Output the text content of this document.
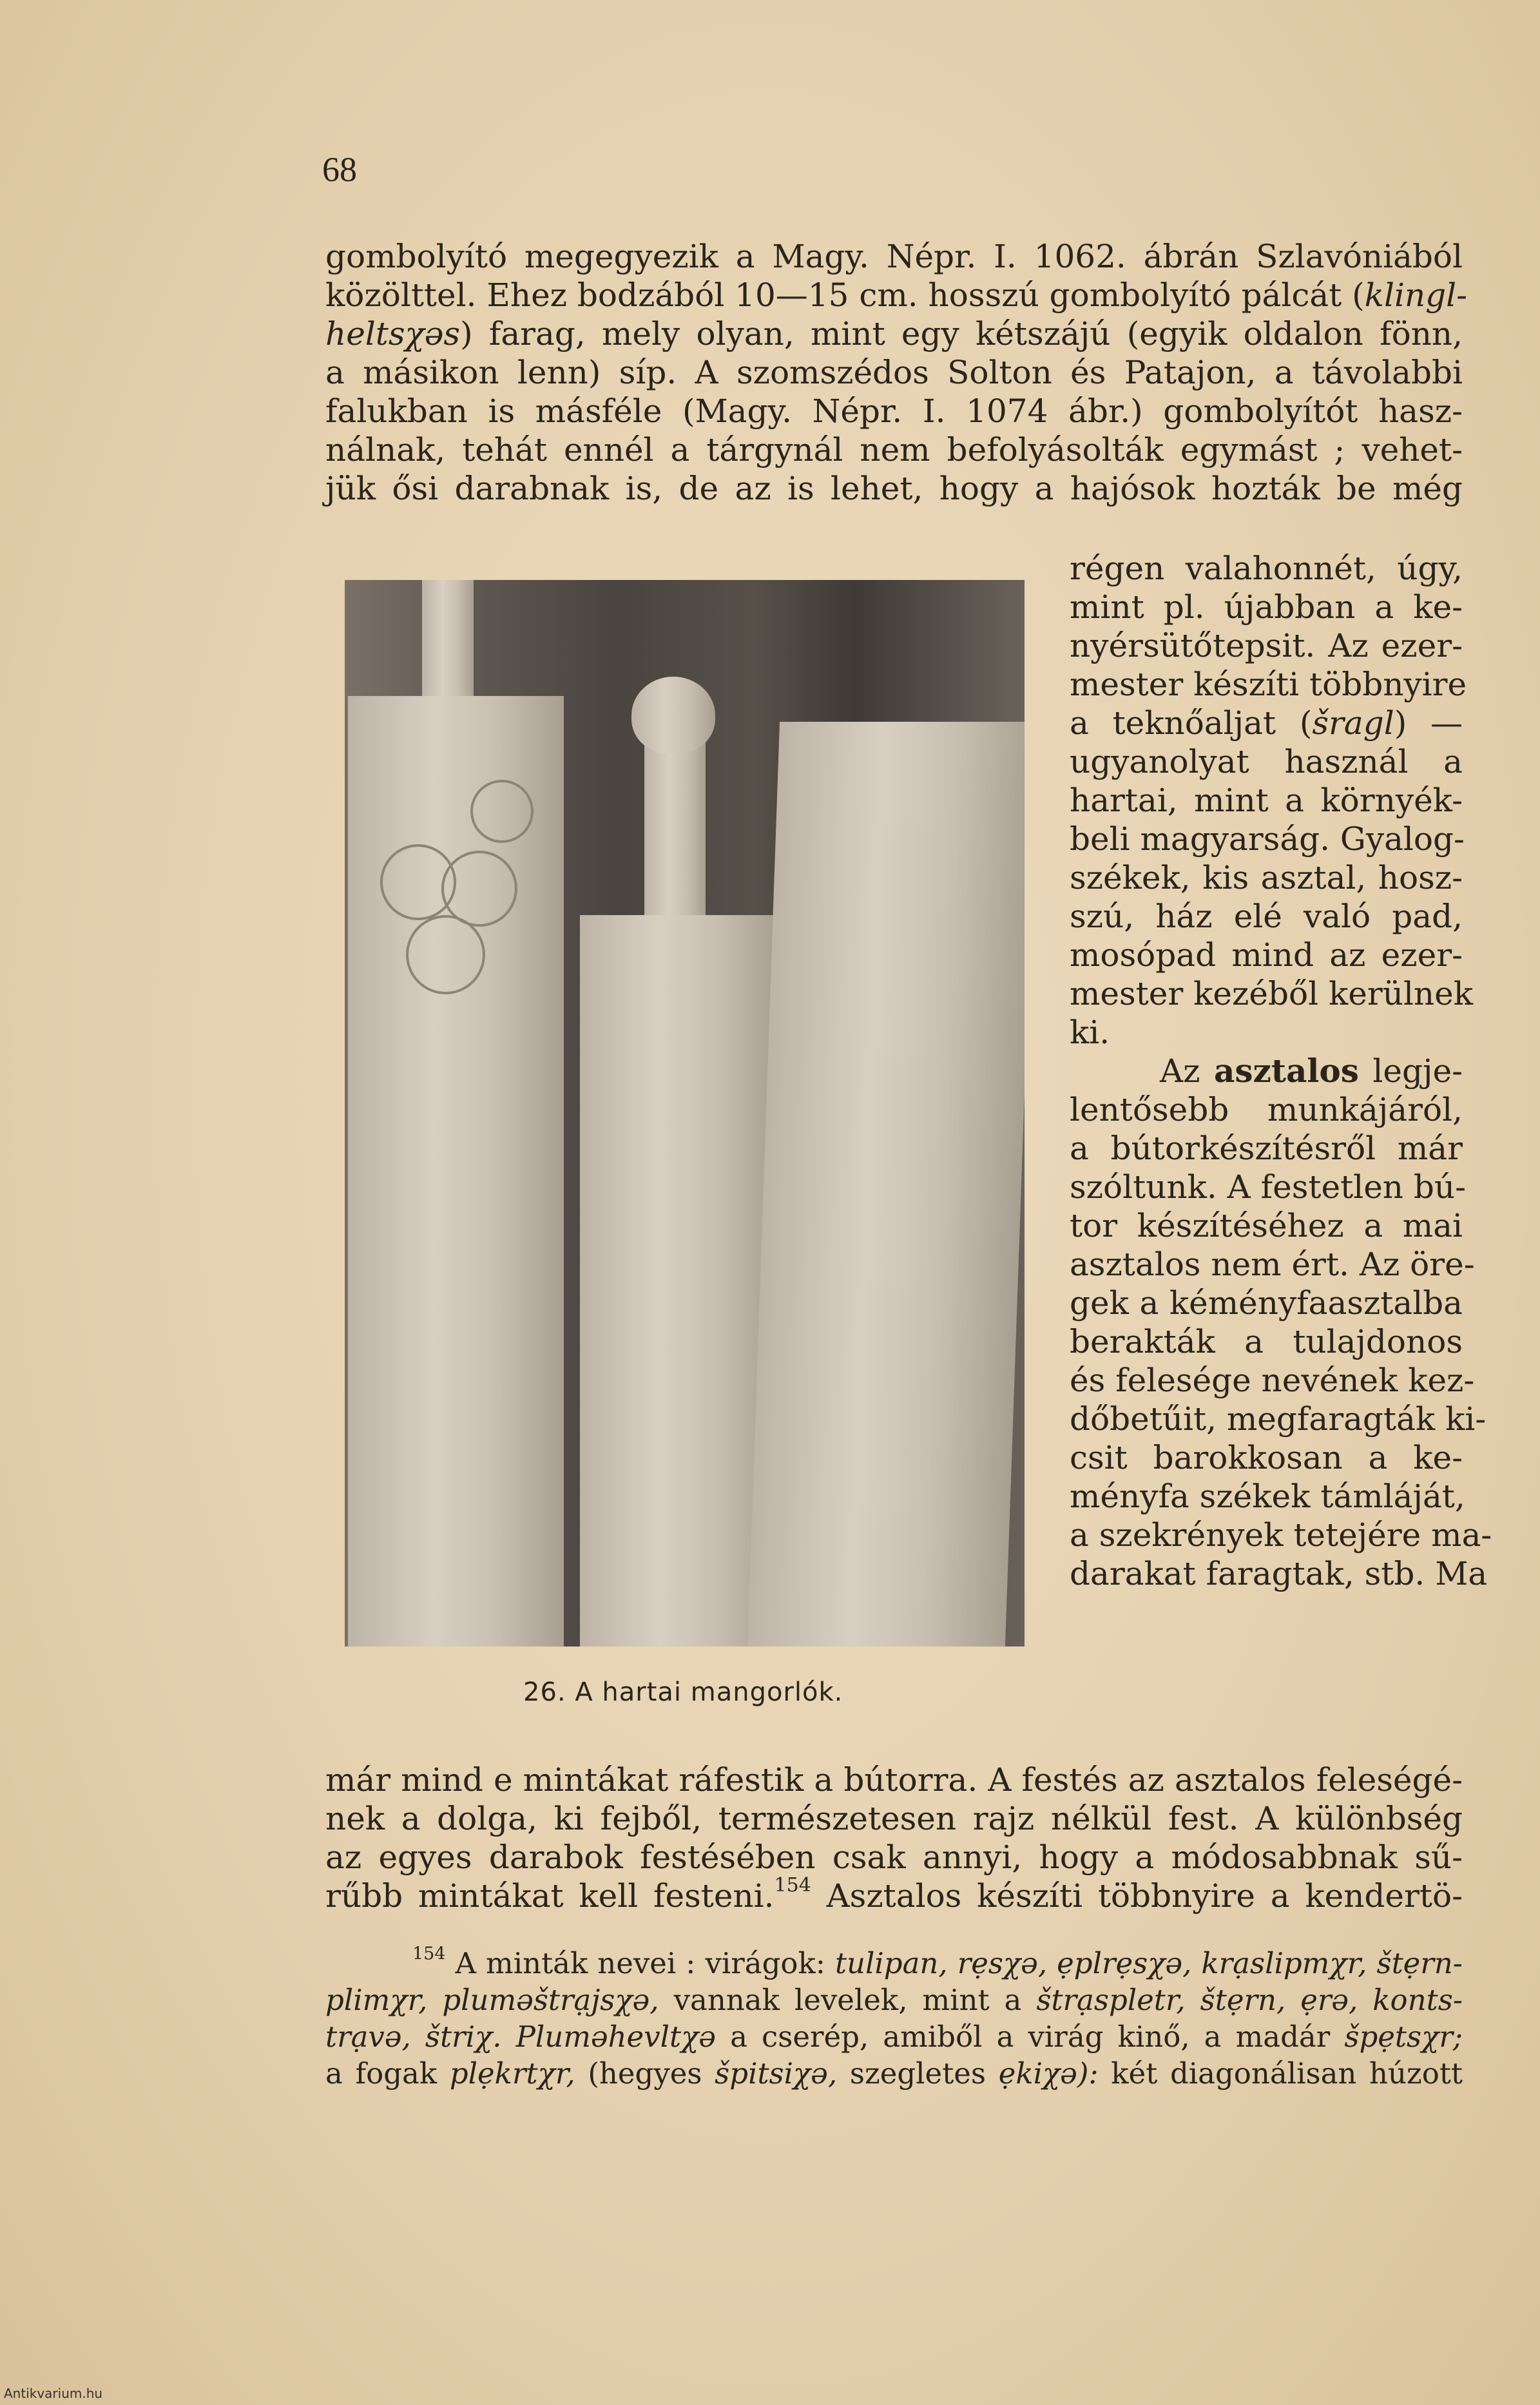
68
gombolyító megegyezik a Magy. Népr. I. 1062. ábrán Szlavóniából
közölttel. Ehez bodzából 10—15 cm. hosszú gombolyító pálcát (klingl-
heltsχəs) farag, mely olyan, mint egy kétszájú (egyik oldalon fönn,
a másikon lenn) síp. A szomszédos Solton és Patajon, a távolabbi
falukban is másféle (Magy. Népr. I. 1074 ábr.) gombolyítót hasz-
nálnak, tehát ennél a tárgynál nem befolyásolták egymást ; vehet-
jük ősi darabnak is, de az is lehet, hogy a hajósok hozták be még
régen valahonnét, úgy,
mint pl. újabban a ke-
nyérsütőtepsit. Az ezer-
mester készíti többnyire
a teknőaljat (šragl) —
ugyanolyat használ a
hartai, mint a környék-
beli magyarság. Gyalog-
székek, kis asztal, hosz-
szú, ház elé való pad,
mosópad mind az ezer-
mester kezéből kerülnek
ki.
Az asztalos legje-
lentősebb munkájáról,
a bútorkészítésről már
szóltunk. A festetlen bú-
tor készítéséhez a mai
asztalos nem ért. Az öre-
gek a kéményfaasztalba
berakták a tulajdonos
és felesége nevének kez-
dőbetűit, megfaragták ki-
csit barokkosan a ke-
ményfa székek támláját,
a szekrények tetejére ma-
darakat faragtak, stb. Ma
26. A hartai mangorlók.
már mind e mintákat ráfestik a bútorra. A festés az asztalos feleségé-
nek a dolga, ki fejből, természetesen rajz nélkül fest. A különbség
az egyes darabok festésében csak annyi, hogy a módosabbnak sű-
rűbb mintákat kell festeni.$^{154}$ Asztalos készíti többnyire a kendertö-
$^{154}$ A minták nevei : virágok: tulipan, rẹsχə, ẹplrẹsχə, krạslipmχr, štẹrn-
plimχr, pluməštrạjsχə, vannak levelek, mint a štrạspletr, štẹrn, ẹrə, konts-
trạvə, štriχ. Pluməhevltχə a cserép, amiből a virág kinő, a madár špẹtsχr;
a fogak plẹkrtχr, (hegyes špitsiχə, szegletes ẹkiχə): két diagonálisan húzott
Antikvarium.hu
